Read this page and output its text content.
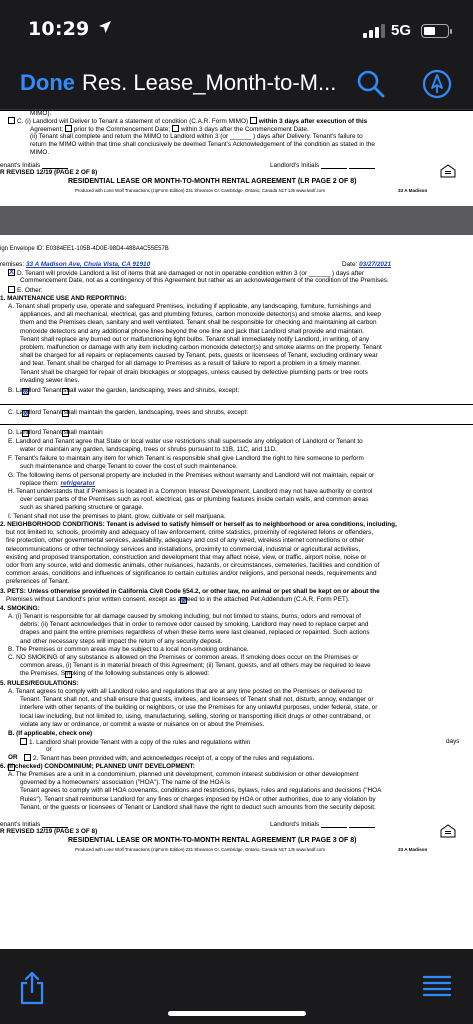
10:29	5G
Done Res. Lease_Month-to-M...
MIMO).
C. (i) Landlord will Deliver to Tenant a statement of condition (C.A.R. Form MIMO) within 3 days after execution of this
Agreement; prior to the Commencement Date; within 3 days after the Commencement Date.
(ii) Tenant shall complete and return the MIMO to Landlord within 3 (or ______ ) days after Delivery. Tenant's failure to
return the MIMO within that time shall conclusively be deemed Tenant's Acknowledgement of the condition as stated in the
MIMO.
enant's Initials	Landlord's Initials
R REVISED 12/19 (PAGE 2 OF 8)
RESIDENTIAL LEASE OR MONTH-TO-MONTH RENTAL AGREEMENT (LR PAGE 2 OF 8)
Produced with Lone Wolf Transactions (zipForm Edition) 231 Shearson Cr. Cambridge, Ontario, Canada N1T 1J5 www.lwolf.com	33 A Madison
ign Envelope ID: E0384EE1-105B-4D0E-98D4-488A4C55E57B
remises: 33 A Madison Ave, Chula Vista, CA 91910	Date: 03/27/2021
XD. Tenant will provide Landlord a list of items that are damaged or not in operable condition within 3 (or ______ ) days after
Commencement Date, not as a contingency of this Agreement but rather as an acknowledgement of the condition of the Premises.
E. Other:
1. MAINTENANCE USE AND REPORTING:
A. Tenant shall properly use, operate and safeguard Premises, including if applicable, any landscaping, furniture, furnishings and
appliances, and all mechanical, electrical, gas and plumbing fixtures, carbon monoxide detector(s) and smoke alarms, and keep
them and the Premises clean, sanitary and well ventilated. Tenant shall be responsible for checking and maintaining all carbon
monoxide detectors and any additional phone lines beyond the one line and jack that Landlord shall provide and maintain.
Tenant shall replace any burned out or malfunctioning light bulbs. Tenant shall immediately notify Landlord, in writing, of any
problem, malfunction or damage with any item including carbon monoxide detector(s) and smoke alarms on the property. Tenant
shall be charged for all repairs or replacements caused by Tenant, pets, guests or licensees of Tenant, excluding ordinary wear
and tear. Tenant shall be charged for all damage to Premises as a result of failure to report a problem in a timely manner.
Tenant shall be charged for repair of drain blockages or stoppages, unless caused by defective plumbing parts or tree roots
invading sewer lines.
B. Landlord Tenant shall water the garden, landscaping, trees and shrubs, except:
X
C. Landlord Tenant shall maintain the garden, landscaping, trees and shrubs, except:
X
D. Landlord Tenant shall maintain
E. Landlord and Tenant agree that State or local water use restrictions shall supersede any obligation of Landlord or Tenant to
water or maintain any garden, landscaping, trees or shrubs pursuant to 11B, 11C, and 11D.
F. Tenant's failure to maintain any item for which Tenant is responsible shall give Landlord the right to hire someone to perform
such maintenance and charge Tenant to cover the cost of such maintenance.
G. The following items of personal property are included in the Premises without warranty and Landlord will not maintain, repair or
replace them: refrigerator
H. Tenant understands that if Premises is located in a Common Interest Development, Landlord may not have authority or control
over certain parts of the Premises such as roof, electrical, gas or plumbing features inside certain walls, and common areas
such as shared parking structure or garage.
I. Tenant shall not use the premises to plant, grow, cultivate or sell marijuana.
2. NEIGHBORHOOD CONDITIONS: Tenant is advised to satisfy himself or herself as to neighborhood or area conditions, including,
but not limited to, schools, proximity and adequacy of law enforcement, crime statistics, proximity of registered felons or offenders,
fire protection, other governmental services, availability, adequacy and cost of any wired, wireless internet connections or other
telecommunications or other technology services and installations, proximity to commercial, industrial or agricultural activities,
existing and proposed transportation, construction and development that may affect noise, view, or traffic, airport noise, noise or
odor from any source, wild and domestic animals, other nuisances, hazards, or circumstances, cemeteries, facilities and condition of
common areas, conditions and influences of significance to certain cultures and/or religions, and personal needs, requirements and
preferences of Tenant.
3. PETS: Unless otherwise provided in California Civil Code §54.2, or other law, no animal or pet shall be kept on or about the
Premises without Landlord's prior written consent, except as agreed to in the attached Pet Addendum (C.A.R. Form PET).
X
4. SMOKING:
A. (i) Tenant is responsible for all damage caused by smoking including, but not limited to stains, burns, odors and removal of
debris; (ii) Tenant acknowledges that in order to remove odor caused by smoking, Landlord may need to replace carpet and
drapes and paint the entire premises regardless of when these items were last cleaned, replaced or repainted. Such actions
and other necessary steps will impact the return of any security deposit.
B. The Premises or common areas may be subject to a local non-smoking ordinance.
C. NO SMOKING of any substance is allowed on the Premises or common areas. If smoking does occur on the Premises or
common areas, (i) Tenant is in material breach of this Agreement; (ii) Tenant, guests, and all others may be required to leave
the Premises. Smoking of the following substances only is allowed:
5. RULES/REGULATIONS:
A. Tenant agrees to comply with all Landlord rules and regulations that are at any time posted on the Premises or delivered to
Tenant. Tenant shall not, and shall ensure that guests, invitees, and licensees of Tenant shall not, disturb, annoy, endanger or
interfere with other tenants of the building or neighbors, or use the Premises for any unlawful purposes, under federal, state, or
local law including, but not limited to, using, manufacturing, selling, storing or transporting illicit drugs or other contraband, or
violate any law or ordinance, or commit a waste or nuisance on or about the Premises.
B. (If applicable, check one)
1. Landlord shall provide Tenant with a copy of the rules and regulations within	days
or
OR	2. Tenant has been provided with, and acknowledges receipt of, a copy of the rules and regulations.
6. (If checked) CONDOMINIUM; PLANNED UNIT DEVELOPMENT:
A. The Premises are a unit in a condominium, planned unit development, common interest subdivision or other development
governed by a homeowners' association ("HOA"). The name of the HOA is
Tenant agrees to comply with all HOA covenants, conditions and restrictions, bylaws, rules and regulations and decisions ("HOA
Rules"). Tenant shall reimburse Landlord for any fines or charges imposed by HOA or other authorities, due to any violation by
Tenant, or the guests or licensees of Tenant or Landlord shall have the right to deduct such amounts from the security deposit.
enant's Initials	Landlord's Initials
R REVISED 12/19 (PAGE 3 OF 8)
RESIDENTIAL LEASE OR MONTH-TO-MONTH RENTAL AGREEMENT (LR PAGE 3 OF 8)
Produced with Lone Wolf Transactions (zipForm Edition) 231 Shearson Cr. Cambridge, Ontario, Canada N1T 1J5 www.lwolf.com	33 A Madison
